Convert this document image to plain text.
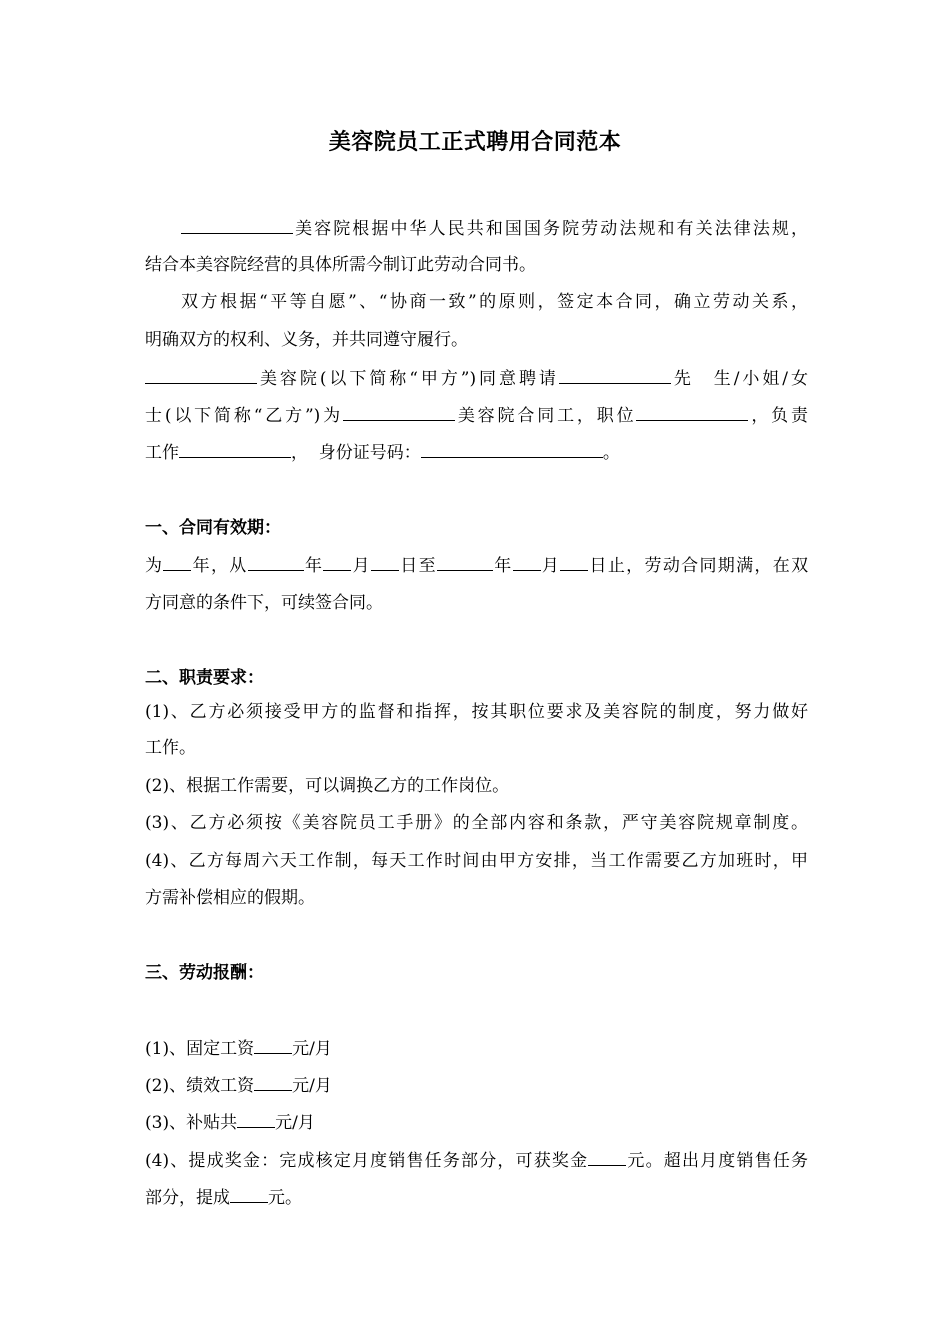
美容院员工正式聘用合同范本
美容院根据中华人民共和国国务院劳动法规和有关法律法规，
结合本美容院经营的具体所需今制订此劳动合同书。
双方根据“平等自愿”、“协商一致”的原则，签定本合同，确立劳动关系，
明确双方的权利、义务，并共同遵守履行。
美容院(以下简称“甲方”)同意聘请	先　生/小姐/女
士(以下简称“乙方”)为	美容院合同工，职位	，负责
工作	，  身份证号码：	。
一、合同有效期：
为 年，从	年 月 日至	年 月 日止，劳动合同期满，在双
方同意的条件下，可续签合同。
二、职责要求：
(1)、乙方必须接受甲方的监督和指挥，按其职位要求及美容院的制度，努力做好
工作。
(2)、根据工作需要，可以调换乙方的工作岗位。
(3)、乙方必须按《美容院员工手册》的全部内容和条款，严守美容院规章制度。
(4)、乙方每周六天工作制，每天工作时间由甲方安排，当工作需要乙方加班时，甲
方需补偿相应的假期。
三、劳动报酬：
(1)、固定工资 元/月
(2)、绩效工资 元/月
(3)、补贴共 元/月
(4)、提成奖金：完成核定月度销售任务部分，可获奖金 元。超出月度销售任务
部分，提成 元。
